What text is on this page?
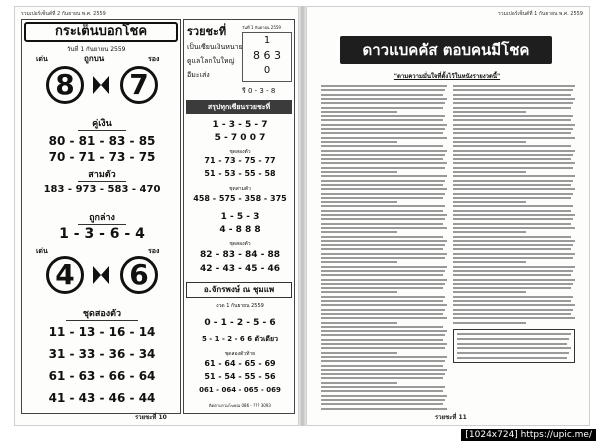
รวมเปอร์เซ็นต์ที่ 2 กันยายน พ.ศ. 2559
กระเต็นบอกโชค
วันที่ 1 กันยายน 2559
เด่น	รอง
ถูกบน
8	7
คู่เงิน
80 - 81 - 83 - 85
70 - 71 - 73 - 75
สามตัว
183 - 973 - 583 - 470
ถูกล่าง
1 - 3 - 6 - 4
เด่น	รอง
4	6
ชุดสองตัว
11 - 13 - 16 - 14
31 - 33 - 36 - 34
61 - 63 - 66 - 64
41 - 43 - 46 - 44
รวยชะที่
เป็นเซียนเงินหนาย
ดูแลโลกใบใหญ่
อีมะเส่ง
วันที่ 1 กันยายน 2559
1
8 6 3
0
รี 0 - 3 - 8
สรุปทุกเซียนรวยชะที่
1 - 3 - 5 - 7
5 - 7 0 0 7
ชุดสองตัว
71 - 73 - 75 - 77
51 - 53 - 55 - 58
ชุดสามตัว
458 - 575 - 358 - 375
1 - 5 - 3
4 - 8 8 8
ชุดสองตัว
82 - 83 - 84 - 88
42 - 43 - 45 - 46
อ.จักรพงษ์ ณ ชุมแพ
งวด 1 กันยายน 2559
0 - 1 - 2 - 5 - 6
5 - 1 - 2 - 6 6 ตัวเดียว
ชุดสองตัวท้าย
61 - 64 - 65 - 69
51 - 54 - 55 - 56
061 - 064 - 065 - 069
ติดตามรวมโฆษณ 086 - ??? 3093
รวยชะที่ 10
รวมเปอร์เซ็นต์ที่ 1 กันยายน พ.ศ. 2559
ดาวแบคคัส ตอบคนมีโชค
"ตามความมั่นใจที่ตั้งไว้ในหนังรายงวดนี้"
รวยชะที่ 11
[1024x724] https://upic.me/
